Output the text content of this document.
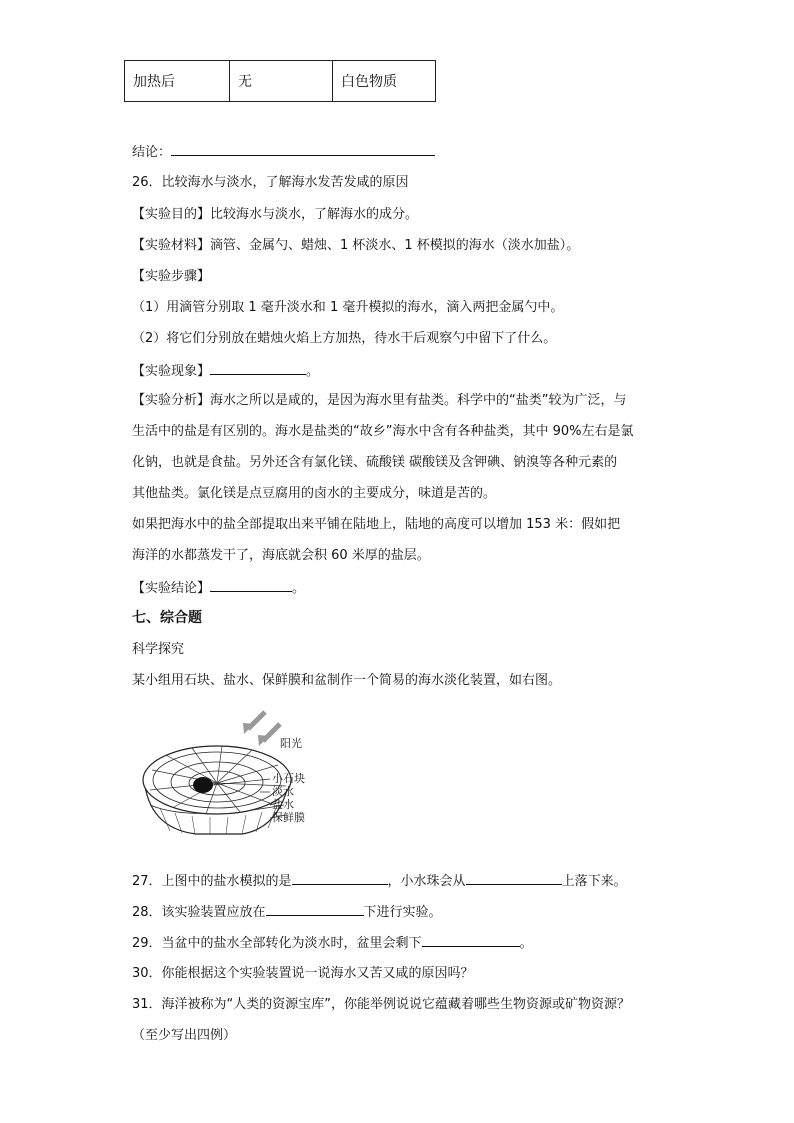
加热后	无	白色物质
结论：
26．比较海水与淡水，了解海水发苦发咸的原因
【实验目的】比较海水与淡水，了解海水的成分。
【实验材料】滴管、金属勺、蜡烛、1 杯淡水、1 杯模拟的海水（淡水加盐）。
【实验步骤】
（1）用滴管分别取 1 毫升淡水和 1 毫升模拟的海水，滴入两把金属勺中。
（2）将它们分别放在蜡烛火焰上方加热，待水干后观察勺中留下了什么。
【实验现象】	。
【实验分析】海水之所以是咸的，是因为海水里有盐类。科学中的“盐类”较为广泛，与
生活中的盐是有区别的。海水是盐类的“故乡”海水中含有各种盐类，其中 90%左右是氯
化钠，也就是食盐。另外还含有氯化镁、硫酸镁 碳酸镁及含钾碘、钠溴等各种元素的
其他盐类。氯化镁是点豆腐用的卤水的主要成分，味道是苦的。
如果把海水中的盐全部提取出来平铺在陆地上，陆地的高度可以增加 153 米：假如把
海洋的水都蒸发干了，海底就会积 60 米厚的盐层。
【实验结论】	。
七、综合题
科学探究
某小组用石块、盐水、保鲜膜和盆制作一个简易的海水淡化装置，如右图。
阳光
小石块
淡水
盐水
保鲜膜
27．上图中的盐水模拟的是	，小水珠会从	上落下来。
28．该实验装置应放在	下进行实验。
29．当盆中的盐水全部转化为淡水时，盆里会剩下	。
30．你能根据这个实验装置说一说海水又苦又咸的原因吗？
31．海洋被称为“人类的资源宝库”，你能举例说说它蕴藏着哪些生物资源或矿物资源？
（至少写出四例）
